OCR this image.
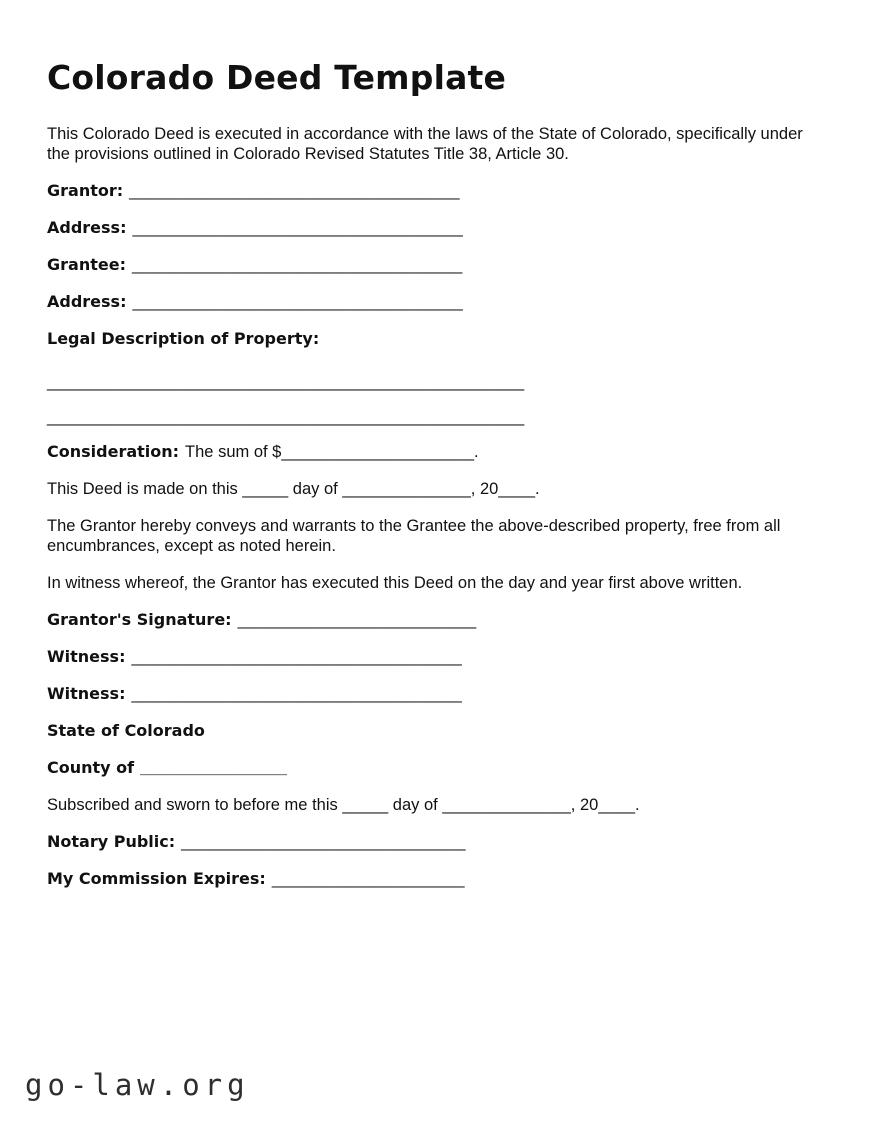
Colorado Deed Template

This Colorado Deed is executed in accordance with the laws of the State of Colorado, specifically under the provisions outlined in Colorado Revised Statutes Title 38, Article 30.

Grantor: ____________________________________

Address: ____________________________________

Grantee: ____________________________________

Address: ____________________________________

Legal Description of Property:

____________________________________________________

____________________________________________________

Consideration: The sum of $_____________________.

This Deed is made on this _____ day of ______________, 20____.

The Grantor hereby conveys and warrants to the Grantee the above-described property, free from all encumbrances, except as noted herein.

In witness whereof, the Grantor has executed this Deed on the day and year first above written.

Grantor's Signature: __________________________

Witness: ____________________________________

Witness: ____________________________________

State of Colorado

County of ________________

Subscribed and sworn to before me this _____ day of ______________, 20____.

Notary Public: _______________________________

My Commission Expires: _____________________

go-law.org
